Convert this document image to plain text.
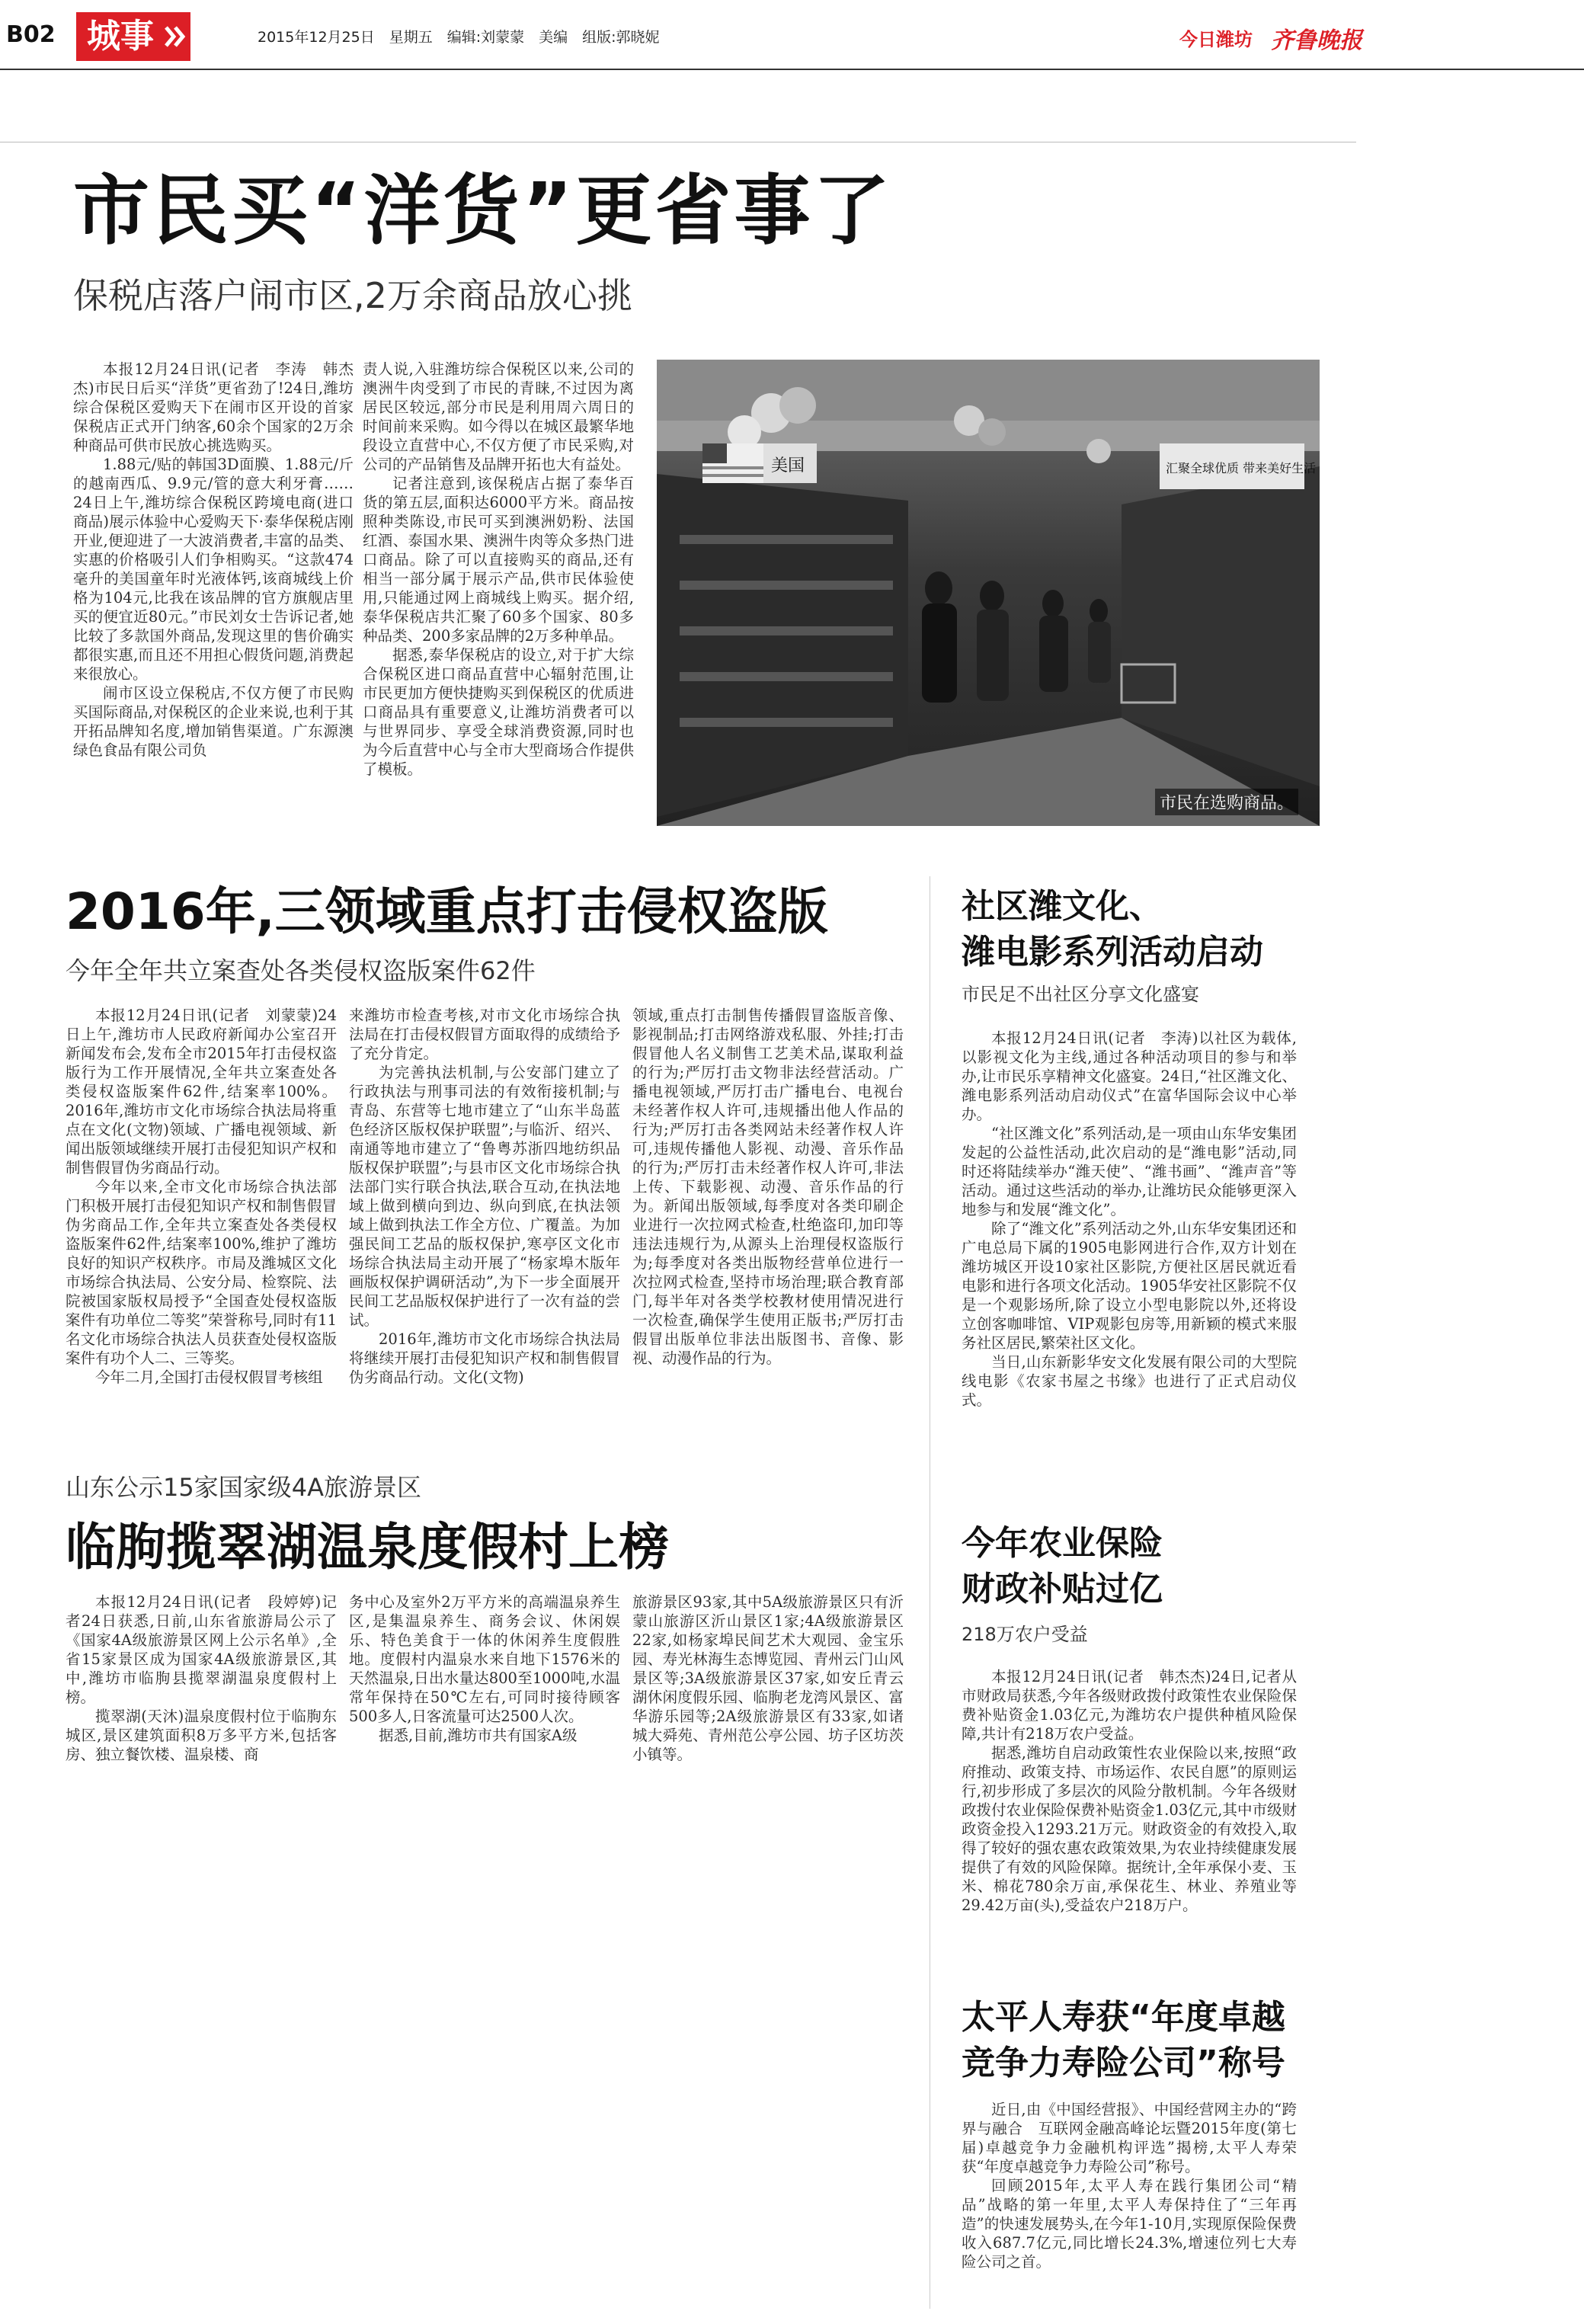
B02 城事	2015年12月25日　星期五　编辑:刘蒙蒙　美编　组版:郭晓妮	今日潍坊 齐鲁晚报
市民买“洋货”更省事了
保税店落户闹市区,2万余商品放心挑

本报12月24日讯(记者　李涛　韩杰杰)市民日后买“洋货”更省劲了!24日,潍坊综合保税区爱购天下在闹市区开设的首家保税店正式开门纳客,60余个国家的2万余种商品可供市民放心挑选购买。

1.88元/贴的韩国3D面膜、1.88元/斤的越南西瓜、9.9元/管的意大利牙膏……24日上午,潍坊综合保税区跨境电商(进口商品)展示体验中心爱购天下·泰华保税店刚开业,便迎进了一大波消费者,丰富的品类、实惠的价格吸引人们争相购买。“这款474毫升的美国童年时光液体钙,该商城线上价格为104元,比我在该品牌的官方旗舰店里买的便宜近80元。”市民刘女士告诉记者,她比较了多款国外商品,发现这里的售价确实都很实惠,而且还不用担心假货问题,消费起来很放心。

闹市区设立保税店,不仅方便了市民购买国际商品,对保税区的企业来说,也利于其开拓品牌知名度,增加销售渠道。广东源澳绿色食品有限公司负

责人说,入驻潍坊综合保税区以来,公司的澳洲牛肉受到了市民的青睐,不过因为离居民区较远,部分市民是利用周六周日的时间前来采购。如今得以在城区最繁华地段设立直营中心,不仅方便了市民采购,对公司的产品销售及品牌开拓也大有益处。

记者注意到,该保税店占据了泰华百货的第五层,面积达6000平方米。商品按照种类陈设,市民可买到澳洲奶粉、法国红酒、泰国水果、澳洲牛肉等众多热门进口商品。除了可以直接购买的商品,还有相当一部分属于展示产品,供市民体验使用,只能通过网上商城线上购买。据介绍,泰华保税店共汇聚了60多个国家、80多种品类、200多家品牌的2万多种单品。

据悉,泰华保税店的设立,对于扩大综合保税区进口商品直营中心辐射范围,让市民更加方便快捷购买到保税区的优质进口商品具有重要意义,让潍坊消费者可以与世界同步、享受全球消费资源,同时也为今后直营中心与全市大型商场合作提供了模板。

美国	汇聚全球优质 带来美好生活
市民在选购商品。
2016年,三领域重点打击侵权盗版
今年全年共立案查处各类侵权盗版案件62件

本报12月24日讯(记者　刘蒙蒙)24日上午,潍坊市人民政府新闻办公室召开新闻发布会,发布全市2015年打击侵权盗版行为工作开展情况,全年共立案查处各类侵权盗版案件62件,结案率100%。2016年,潍坊市文化市场综合执法局将重点在文化(文物)领域、广播电视领域、新闻出版领域继续开展打击侵犯知识产权和制售假冒伪劣商品行动。

今年以来,全市文化市场综合执法部门积极开展打击侵犯知识产权和制售假冒伪劣商品工作,全年共立案查处各类侵权盗版案件62件,结案率100%,维护了潍坊良好的知识产权秩序。市局及潍城区文化市场综合执法局、公安分局、检察院、法院被国家版权局授予“全国查处侵权盗版案件有功单位二等奖”荣誉称号,同时有11名文化市场综合执法人员获查处侵权盗版案件有功个人二、三等奖。

今年二月,全国打击侵权假冒考核组

来潍坊市检查考核,对市文化市场综合执法局在打击侵权假冒方面取得的成绩给予了充分肯定。

为完善执法机制,与公安部门建立了行政执法与刑事司法的有效衔接机制;与青岛、东营等七地市建立了“山东半岛蓝色经济区版权保护联盟”;与临沂、绍兴、南通等地市建立了“鲁粤苏浙四地纺织品版权保护联盟”;与县市区文化市场综合执法部门实行联合执法,联合互动,在执法地域上做到横向到边、纵向到底,在执法领域上做到执法工作全方位、广覆盖。为加强民间工艺品的版权保护,寒亭区文化市场综合执法局主动开展了“杨家埠木版年画版权保护调研活动”,为下一步全面展开民间工艺品版权保护进行了一次有益的尝试。

2016年,潍坊市文化市场综合执法局将继续开展打击侵犯知识产权和制售假冒伪劣商品行动。文化(文物)

领域,重点打击制售传播假冒盗版音像、影视制品;打击网络游戏私服、外挂;打击假冒他人名义制售工艺美术品,谋取利益的行为;严厉打击文物非法经营活动。广播电视领域,严厉打击广播电台、电视台未经著作权人许可,违规播出他人作品的行为;严厉打击各类网站未经著作权人许可,违规传播他人影视、动漫、音乐作品的行为;严厉打击未经著作权人许可,非法上传、下载影视、动漫、音乐作品的行为。新闻出版领域,每季度对各类印刷企业进行一次拉网式检查,杜绝盗印,加印等违法违规行为,从源头上治理侵权盗版行为;每季度对各类出版物经营单位进行一次拉网式检查,坚持市场治理;联合教育部门,每半年对各类学校教材使用情况进行一次检查,确保学生使用正版书;严厉打击假冒出版单位非法出版图书、音像、影视、动漫作品的行为。

山东公示15家国家级4A旅游景区
临朐揽翠湖温泉度假村上榜

本报12月24日讯(记者　段婷婷)记者24日获悉,日前,山东省旅游局公示了《国家4A级旅游景区网上公示名单》,全省15家景区成为国家4A级旅游景区,其中,潍坊市临朐县揽翠湖温泉度假村上榜。

揽翠湖(天沐)温泉度假村位于临朐东城区,景区建筑面积8万多平方米,包括客房、独立餐饮楼、温泉楼、商

务中心及室外2万平方米的高端温泉养生区,是集温泉养生、商务会议、休闲娱乐、特色美食于一体的休闲养生度假胜地。度假村内温泉水来自地下1576米的天然温泉,日出水量达800至1000吨,水温常年保持在50℃左右,可同时接待顾客500多人,日客流量可达2500人次。

据悉,目前,潍坊市共有国家A级

旅游景区93家,其中5A级旅游景区只有沂蒙山旅游区沂山景区1家;4A级旅游景区22家,如杨家埠民间艺术大观园、金宝乐园、寿光林海生态博览园、青州云门山风景区等;3A级旅游景区37家,如安丘青云湖休闲度假乐园、临朐老龙湾风景区、富华游乐园等;2A级旅游景区有33家,如诸城大舜苑、青州范公亭公园、坊子区坊茨小镇等。

社区潍文化、
潍电影系列活动启动
市民足不出社区分享文化盛宴

本报12月24日讯(记者　李涛)以社区为载体,以影视文化为主线,通过各种活动项目的参与和举办,让市民乐享精神文化盛宴。24日,“社区潍文化、潍电影系列活动启动仪式”在富华国际会议中心举办。

“社区潍文化”系列活动,是一项由山东华安集团发起的公益性活动,此次启动的是“潍电影”活动,同时还将陆续举办“潍天使”、“潍书画”、“潍声音”等活动。通过这些活动的举办,让潍坊民众能够更深入地参与和发展“潍文化”。

除了“潍文化”系列活动之外,山东华安集团还和广电总局下属的1905电影网进行合作,双方计划在潍坊城区开设10家社区影院,方便社区居民就近看电影和进行各项文化活动。1905华安社区影院不仅是一个观影场所,除了设立小型电影院以外,还将设立创客咖啡馆、VIP观影包房等,用新颖的模式来服务社区居民,繁荣社区文化。

当日,山东新影华安文化发展有限公司的大型院线电影《农家书屋之书缘》也进行了正式启动仪式。

今年农业保险
财政补贴过亿
218万农户受益

本报12月24日讯(记者　韩杰杰)24日,记者从市财政局获悉,今年各级财政拨付政策性农业保险保费补贴资金1.03亿元,为潍坊农户提供种植风险保障,共计有218万农户受益。

据悉,潍坊自启动政策性农业保险以来,按照“政府推动、政策支持、市场运作、农民自愿”的原则运行,初步形成了多层次的风险分散机制。今年各级财政拨付农业保险保费补贴资金1.03亿元,其中市级财政资金投入1293.21万元。财政资金的有效投入,取得了较好的强农惠农政策效果,为农业持续健康发展提供了有效的风险保障。据统计,全年承保小麦、玉米、棉花780余万亩,承保花生、林业、养殖业等29.42万亩(头),受益农户218万户。

太平人寿获“年度卓越
竞争力寿险公司”称号

近日,由《中国经营报》、中国经营网主办的“跨界与融合　互联网金融高峰论坛暨2015年度(第七届)卓越竞争力金融机构评选”揭榜,太平人寿荣获“年度卓越竞争力寿险公司”称号。

回顾2015年,太平人寿在践行集团公司“精品”战略的第一年里,太平人寿保持住了“三年再造”的快速发展势头,在今年1-10月,实现原保险保费收入687.7亿元,同比增长24.3%,增速位列七大寿险公司之首。
